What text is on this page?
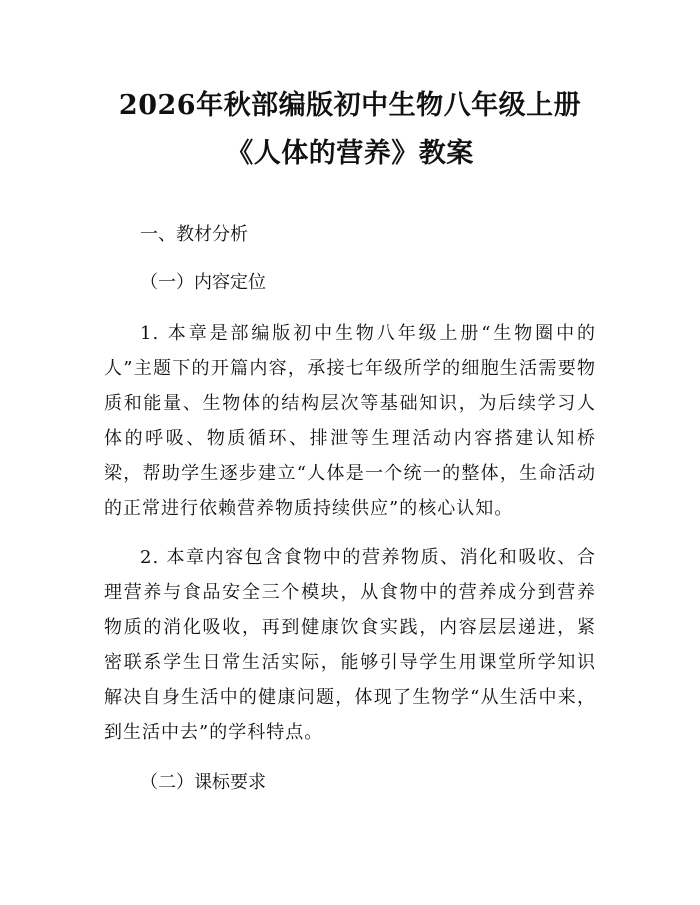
2026年秋部编版初中生物八年级上册《人体的营养》教案

一、教材分析

（一）内容定位

1. 本章是部编版初中生物八年级上册“生物圈中的人”主题下的开篇内容，承接七年级所学的细胞生活需要物质和能量、生物体的结构层次等基础知识，为后续学习人体的呼吸、物质循环、排泄等生理活动内容搭建认知桥梁，帮助学生逐步建立“人体是一个统一的整体，生命活动的正常进行依赖营养物质持续供应”的核心认知。

2. 本章内容包含食物中的营养物质、消化和吸收、合理营养与食品安全三个模块，从食物中的营养成分到营养物质的消化吸收，再到健康饮食实践，内容层层递进，紧密联系学生日常生活实际，能够引导学生用课堂所学知识解决自身生活中的健康问题，体现了生物学“从生活中来，到生活中去”的学科特点。

（二）课标要求
